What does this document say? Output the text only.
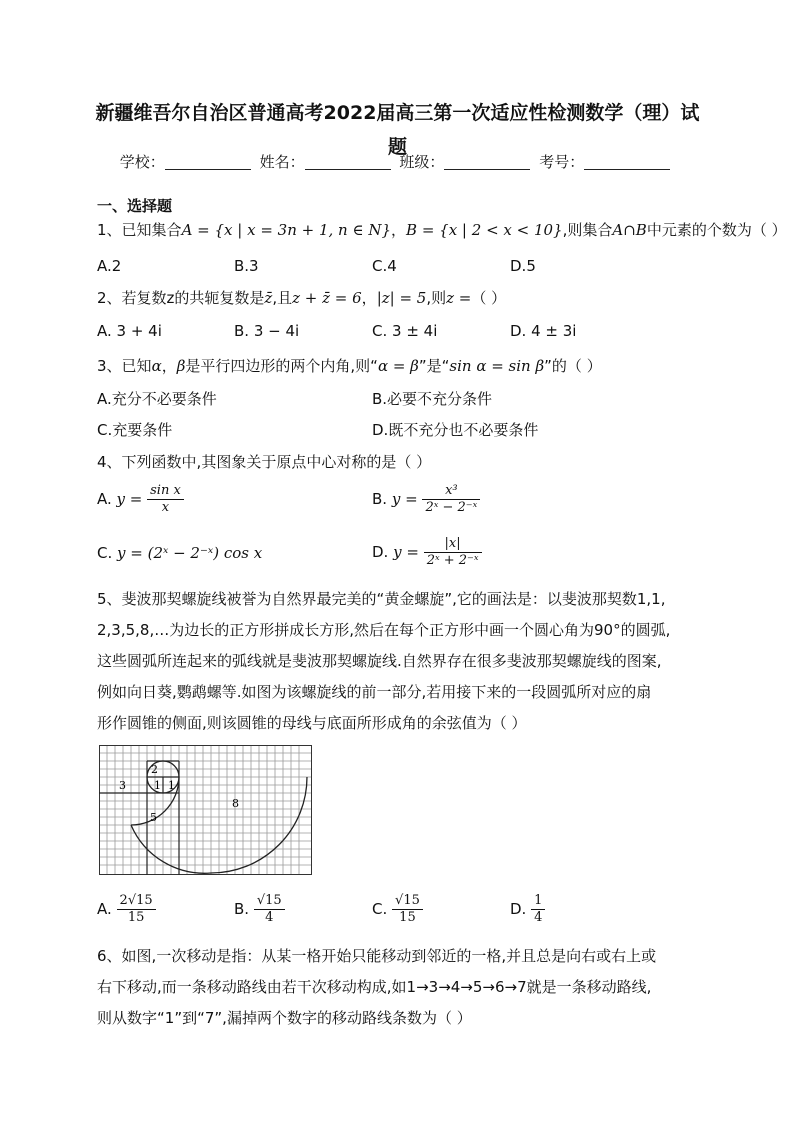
新疆维吾尔自治区普通高考2022届高三第一次适应性检测数学（理）试题
学校：	姓名：	班级：	考号：
一、选择题
1、已知集合A = {x | x = 3n + 1, n ∈ N}，B = {x | 2 < x < 10},则集合A∩B中元素的个数为（ ）
A.2	B.3	C.4	D.5
2、若复数z的共轭复数是z̄,且z + z̄ = 6，|z| = 5,则z =（ ）
A. 3 + 4i	B. 3 − 4i	C. 3 ± 4i	D. 4 ± 3i
3、已知α，β是平行四边形的两个内角,则“α = β”是“sin α = sin β”的（ ）
A.充分不必要条件	B.必要不充分条件
C.充要条件	D.既不充分也不必要条件
4、下列函数中,其图象关于原点中心对称的是（ ）
A. $y = \frac{\text{sin x}}{x}$	B. $y = \frac{\text{x³}}{\text{2ˣ − 2⁻ˣ}}$
C. y = (2ˣ − 2⁻ˣ) cos x	D. $y = \frac{|x|}{\text{2ˣ + 2⁻ˣ}}$
5、斐波那契螺旋线被誉为自然界最完美的“黄金螺旋”,它的画法是：以斐波那契数1,1,
2,3,5,8,…为边长的正方形拼成长方形,然后在每个正方形中画一个圆心角为90°的圆弧,
这些圆弧所连起来的弧线就是斐波那契螺旋线.自然界存在很多斐波那契螺旋线的图案,
例如向日葵,鹦鹉螺等.如图为该螺旋线的前一部分,若用接下来的一段圆弧所对应的扇
形作圆锥的侧面,则该圆锥的母线与底面所形成角的余弦值为（ ）
2
3	1 1
5
8
A. $\frac{2√15}{15}$	B. $\frac{√15}{4}$	C. $\frac{√15}{15}$	D. $\frac{1}{4}$
6、如图,一次移动是指：从某一格开始只能移动到邻近的一格,并且总是向右或右上或
右下移动,而一条移动路线由若干次移动构成,如1→3→4→5→6→7就是一条移动路线,
则从数字“1”到“7”,漏掉两个数字的移动路线条数为（ ）
